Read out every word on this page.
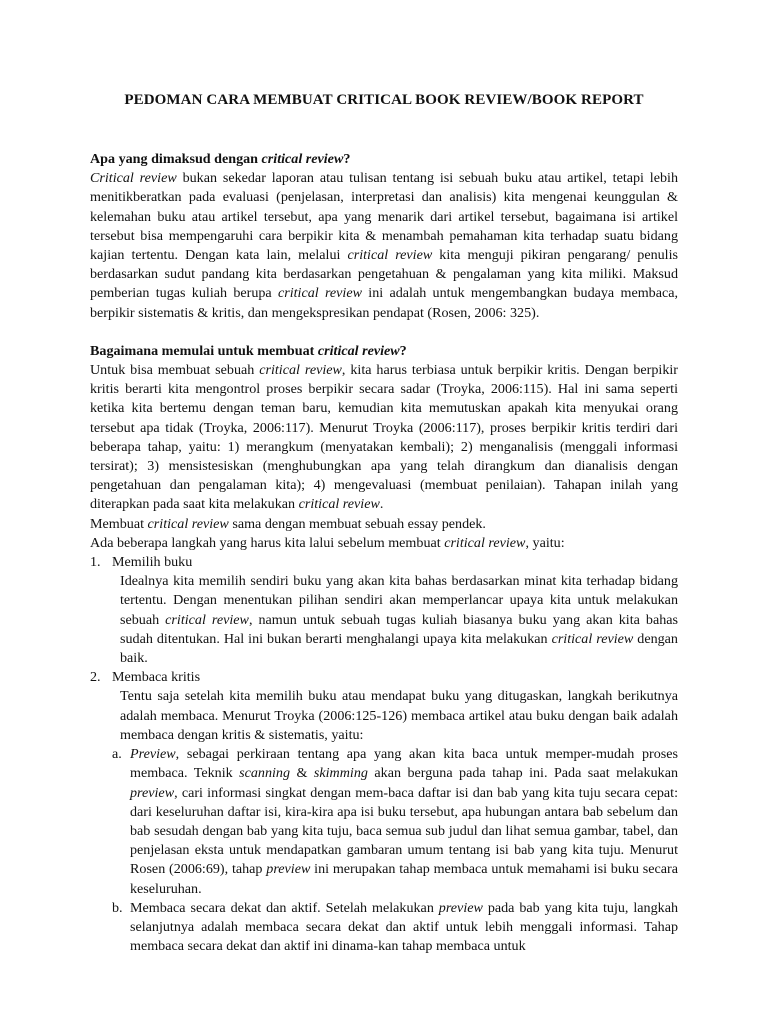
PEDOMAN CARA MEMBUAT CRITICAL BOOK REVIEW/BOOK REPORT

Apa yang dimaksud dengan critical review?

Critical review bukan sekedar laporan atau tulisan tentang isi sebuah buku atau artikel, tetapi lebih menitikberatkan pada evaluasi (penjelasan, interpretasi dan analisis) kita mengenai keunggulan & kelemahan buku atau artikel tersebut, apa yang menarik dari artikel tersebut, bagaimana isi artikel tersebut bisa mempengaruhi cara berpikir kita & menambah pemahaman kita terhadap suatu bidang kajian tertentu. Dengan kata lain, melalui critical review kita menguji pikiran pengarang/ penulis berdasarkan sudut pandang kita berdasarkan pengetahuan & pengalaman yang kita miliki. Maksud pemberian tugas kuliah berupa critical review ini adalah untuk mengembangkan budaya membaca, berpikir sistematis & kritis, dan mengekspresikan pendapat (Rosen, 2006: 325).

Bagaimana memulai untuk membuat critical review?

Untuk bisa membuat sebuah critical review, kita harus terbiasa untuk berpikir kritis. Dengan berpikir kritis berarti kita mengontrol proses berpikir secara sadar (Troyka, 2006:115). Hal ini sama seperti ketika kita bertemu dengan teman baru, kemudian kita memutuskan apakah kita menyukai orang tersebut apa tidak (Troyka, 2006:117). Menurut Troyka (2006:117), proses berpikir kritis terdiri dari beberapa tahap, yaitu: 1) merangkum (menyatakan kembali); 2) menganalisis (menggali informasi tersirat); 3) mensistesiskan (menghubungkan apa yang telah dirangkum dan dianalisis dengan pengetahuan dan pengalaman kita); 4) mengevaluasi (membuat penilaian). Tahapan inilah yang diterapkan pada saat kita melakukan critical review.

Membuat critical review sama dengan membuat sebuah essay pendek.

Ada beberapa langkah yang harus kita lalui sebelum membuat critical review, yaitu:

1. Memilih buku

Idealnya kita memilih sendiri buku yang akan kita bahas berdasarkan minat kita terhadap bidang tertentu. Dengan menentukan pilihan sendiri akan memperlancar upaya kita untuk melakukan sebuah critical review, namun untuk sebuah tugas kuliah biasanya buku yang akan kita bahas sudah ditentukan. Hal ini bukan berarti menghalangi upaya kita melakukan critical review dengan baik.

2. Membaca kritis

Tentu saja setelah kita memilih buku atau mendapat buku yang ditugaskan, langkah berikutnya adalah membaca. Menurut Troyka (2006:125-126) membaca artikel atau buku dengan baik adalah membaca dengan kritis & sistematis, yaitu:

a. Preview, sebagai perkiraan tentang apa yang akan kita baca untuk memper-mudah proses membaca. Teknik scanning & skimming akan berguna pada tahap ini. Pada saat melakukan preview, cari informasi singkat dengan mem-baca daftar isi dan bab yang kita tuju secara cepat: dari keseluruhan daftar isi, kira-kira apa isi buku tersebut, apa hubungan antara bab sebelum dan bab sesudah dengan bab yang kita tuju, baca semua sub judul dan lihat semua gambar, tabel, dan penjelasan eksta untuk mendapatkan gambaran umum tentang isi bab yang kita tuju. Menurut Rosen (2006:69), tahap preview ini merupakan tahap membaca untuk memahami isi buku secara keseluruhan.
b. Membaca secara dekat dan aktif. Setelah melakukan preview pada bab yang kita tuju, langkah selanjutnya adalah membaca secara dekat dan aktif untuk lebih menggali informasi. Tahap membaca secara dekat dan aktif ini dinama-kan tahap membaca untuk
